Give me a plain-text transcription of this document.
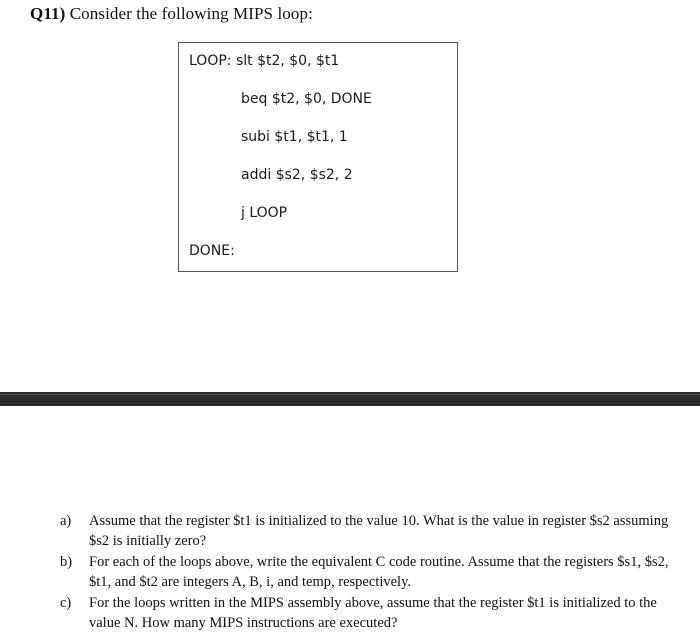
Q11) Consider the following MIPS loop:
LOOP: slt $t2, $0, $t1
beq $t2, $0, DONE
subi $t1, $t1, 1
addi $s2, $s2, 2
j LOOP
DONE:
a) Assume that the register $t1 is initialized to the value 10. What is the value in register $s2 assuming $s2 is initially zero?
b) For each of the loops above, write the equivalent C code routine. Assume that the registers $s1, $s2, $t1, and $t2 are integers A, B, i, and temp, respectively.
c) For the loops written in the MIPS assembly above, assume that the register $t1 is initialized to the value N. How many MIPS instructions are executed?
